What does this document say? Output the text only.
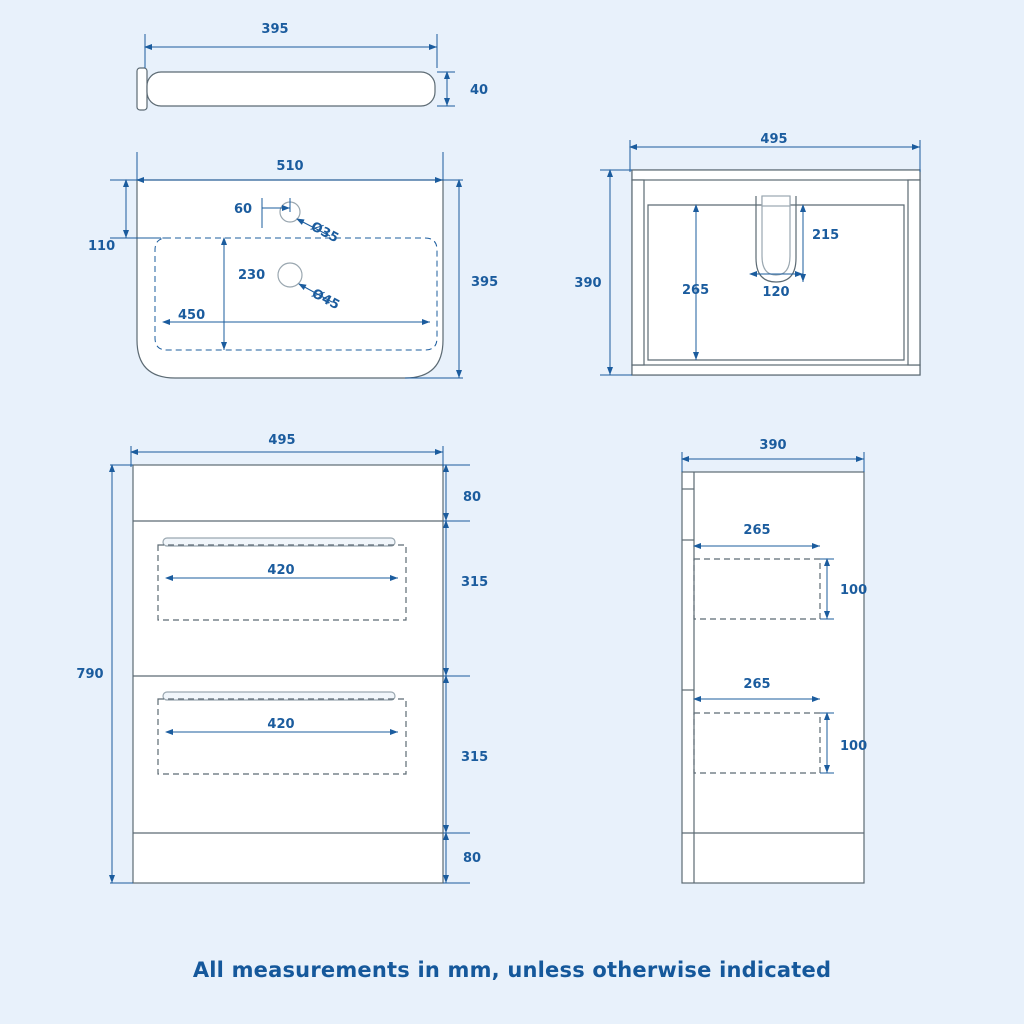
395
40
510
395
110
60
Ø35
230
Ø45
450
495
390	265
215
120
495
790
80
315
420
315
420
80
390
265
100
265
100
All measurements in mm, unless otherwise indicated
